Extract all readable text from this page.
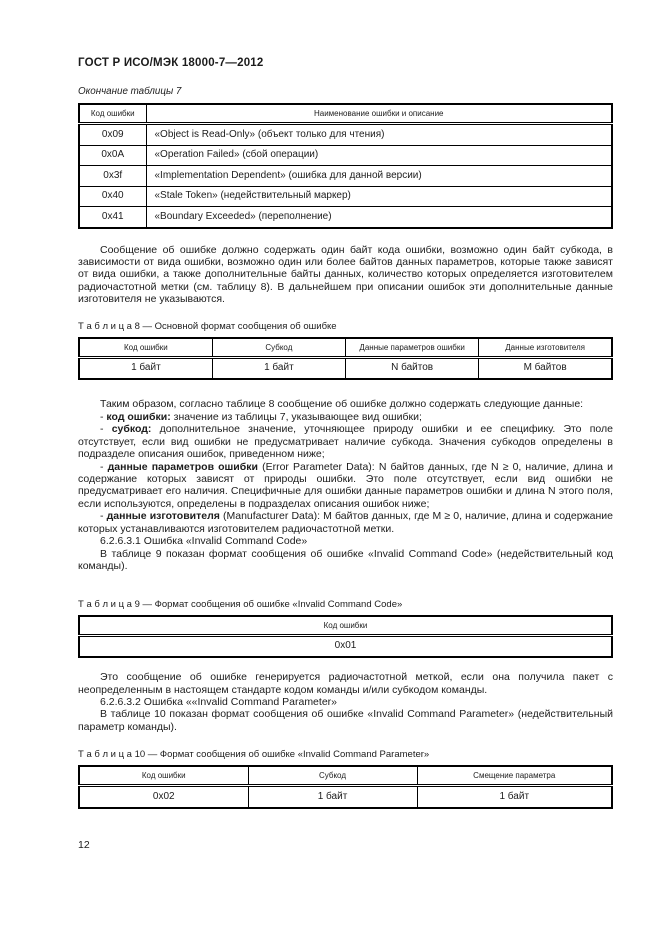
ГОСТ Р ИСО/МЭК 18000-7—2012
Окончание таблицы 7
Код ошибки	Наименование ошибки и описание
0x09	«Object is Read-Only» (объект только для чтения)
0x0A	«Operation Failed» (сбой операции)
0x3f	«Implementation Dependent» (ошибка для данной версии)
0x40	«Stale Token» (недействительный маркер)
0x41	«Boundary Exceeded» (переполнение)

Сообщение об ошибке должно содержать один байт кода ошибки, возможно один байт субкода, в зависимости от вида ошибки, возможно один или более байтов данных параметров, которые также зависят от вида ошибки, а также дополнительные байты данных, количество которых определяется изготовителем радиочастотной метки (см. таблицу 8). В дальнейшем при описании ошибок эти дополнительные данные изготовителя не указываются.

Т а б л и ц а 8 — Основной формат сообщения об ошибке
Код ошибки	Субкод	Данные параметров ошибки	Данные изготовителя
1 байт	1 байт	N байтов	M байтов

Таким образом, согласно таблице 8 сообщение об ошибке должно содержать следующие данные:

- код ошибки: значение из таблицы 7, указывающее вид ошибки;

- субкод: дополнительное значение, уточняющее природу ошибки и ее специфику. Это поле отсутствует, если вид ошибки не предусматривает наличие субкода. Значения субкодов определены в подразделе описания ошибок, приведенном ниже;

- данные параметров ошибки (Error Parameter Data): N байтов данных, где N ≥ 0, наличие, длина и содержание которых зависят от природы ошибки. Это поле отсутствует, если вид ошибки не предусматривает его наличия. Специфичные для ошибки данные параметров ошибки и длина N этого поля, если используются, определены в подразделах описания ошибок ниже;

- данные изготовителя (Manufacturer Data): M байтов данных, где M ≥ 0, наличие, длина и содержание которых устанавливаются изготовителем радиочастотной метки.

6.2.6.3.1 Ошибка «Invalid Command Code»

В таблице 9 показан формат сообщения об ошибке «Invalid Command Code» (недействительный код команды).

Т а б л и ц а 9 — Формат сообщения об ошибке «Invalid Command Code»
Код ошибки
0x01

Это сообщение об ошибке генерируется радиочастотной меткой, если она получила пакет с неопределенным в настоящем стандарте кодом команды и/или субкодом команды.

6.2.6.3.2 Ошибка ««Invalid Command Parameter»

В таблице 10 показан формат сообщения об ошибке «Invalid Command Parameter» (недействительный параметр команды).

Т а б л и ц а 10 — Формат сообщения об ошибке «Invalid Command Parameter»
Код ошибки	Субкод	Смещение параметра
0x02	1 байт	1 байт
12
